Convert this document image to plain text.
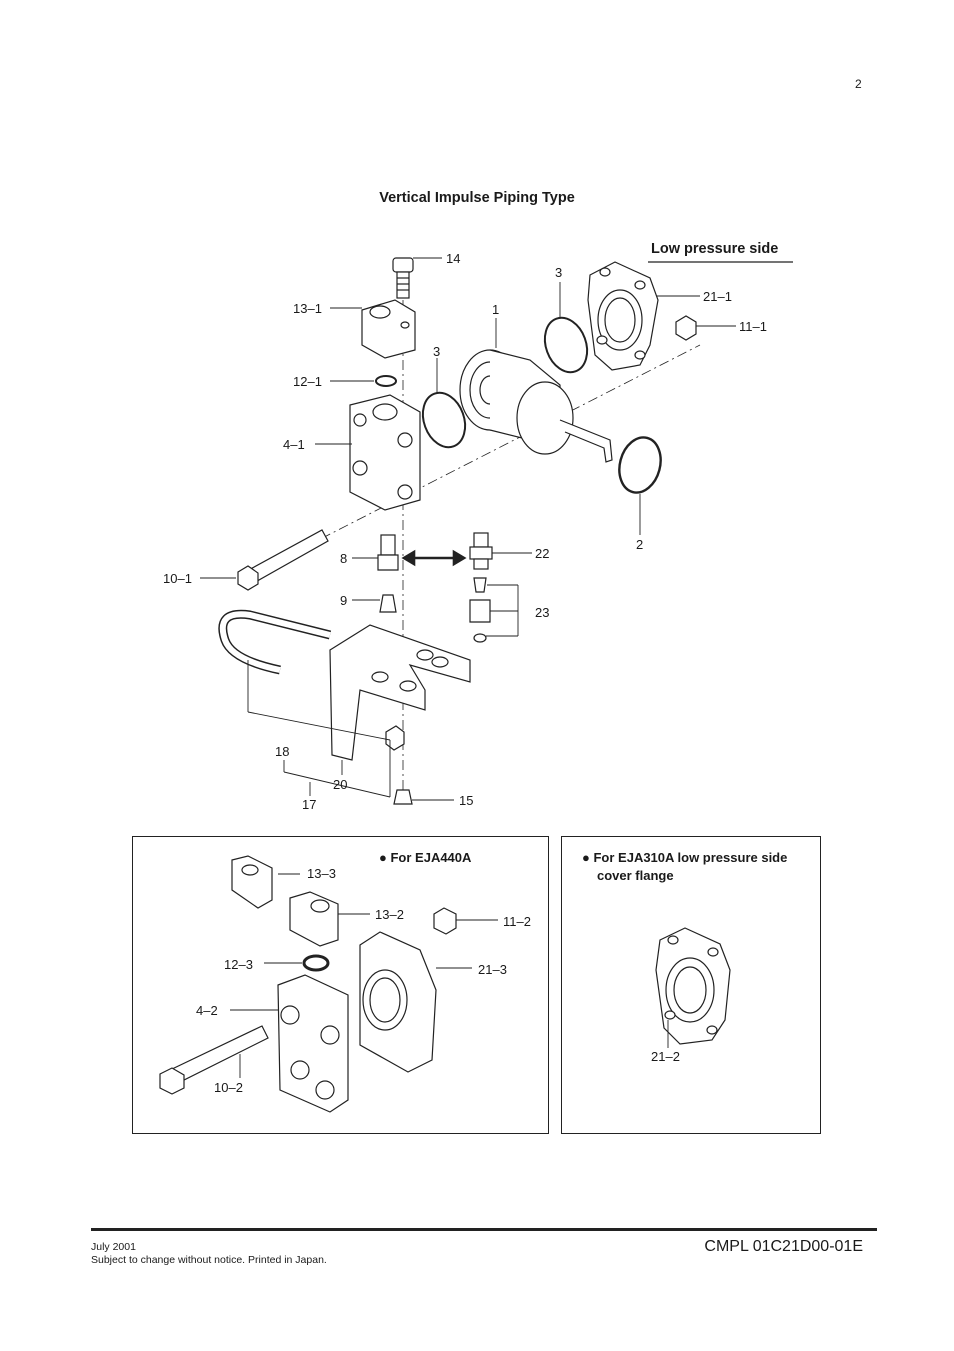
2
Vertical Impulse Piping Type
Low pressure side
14
3
1
3
21–1
11–1
13–1
12–1
4–1
2
8	22
10–1
9
23
18
20
17	15
● For EJA440A
13–3
13–2	11–2
12–3	21–3
4–2
10–2
● For EJA310A low pressure side
cover flange
21–2
July 2001
Subject to change without notice. Printed in Japan.
CMPL 01C21D00-01E
